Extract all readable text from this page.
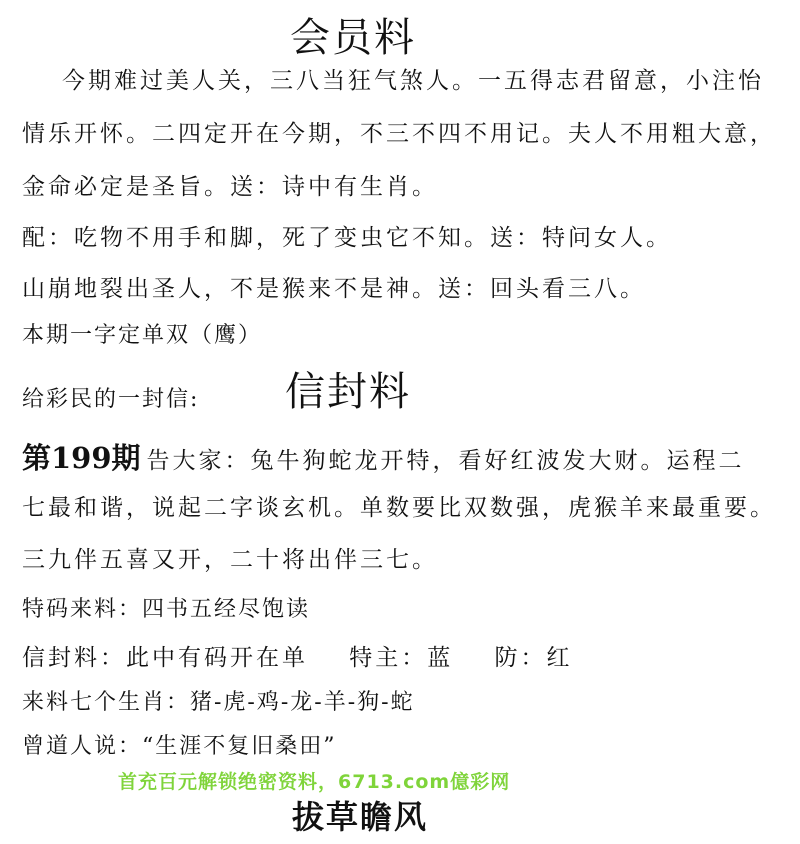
会员料
今期难过美人关，三八当狂气煞人。一五得志君留意，小注怡
情乐开怀。二四定开在今期，不三不四不用记。夫人不用粗大意，
金命必定是圣旨。送：诗中有生肖。
配：吃物不用手和脚，死了变虫它不知。送：特问女人。
山崩地裂出圣人，不是猴来不是神。送：回头看三八。
本期一字定单双（鹰）
给彩民的一封信: 信封料
第199期 告大家：兔牛狗蛇龙开特，看好红波发大财。运程二
七最和谐，说起二字谈玄机。单数要比双数强，虎猴羊来最重要。
三九伴五喜又开，二十将出伴三七。
特码来料：四书五经尽饱读
信封料：此中有码开在单    特主：蓝    防：红
来料七个生肖：猪-虎-鸡-龙-羊-狗-蛇
曾道人说：“生涯不复旧桑田”
首充百元解锁绝密资料，6713.com億彩网
拔草瞻风
